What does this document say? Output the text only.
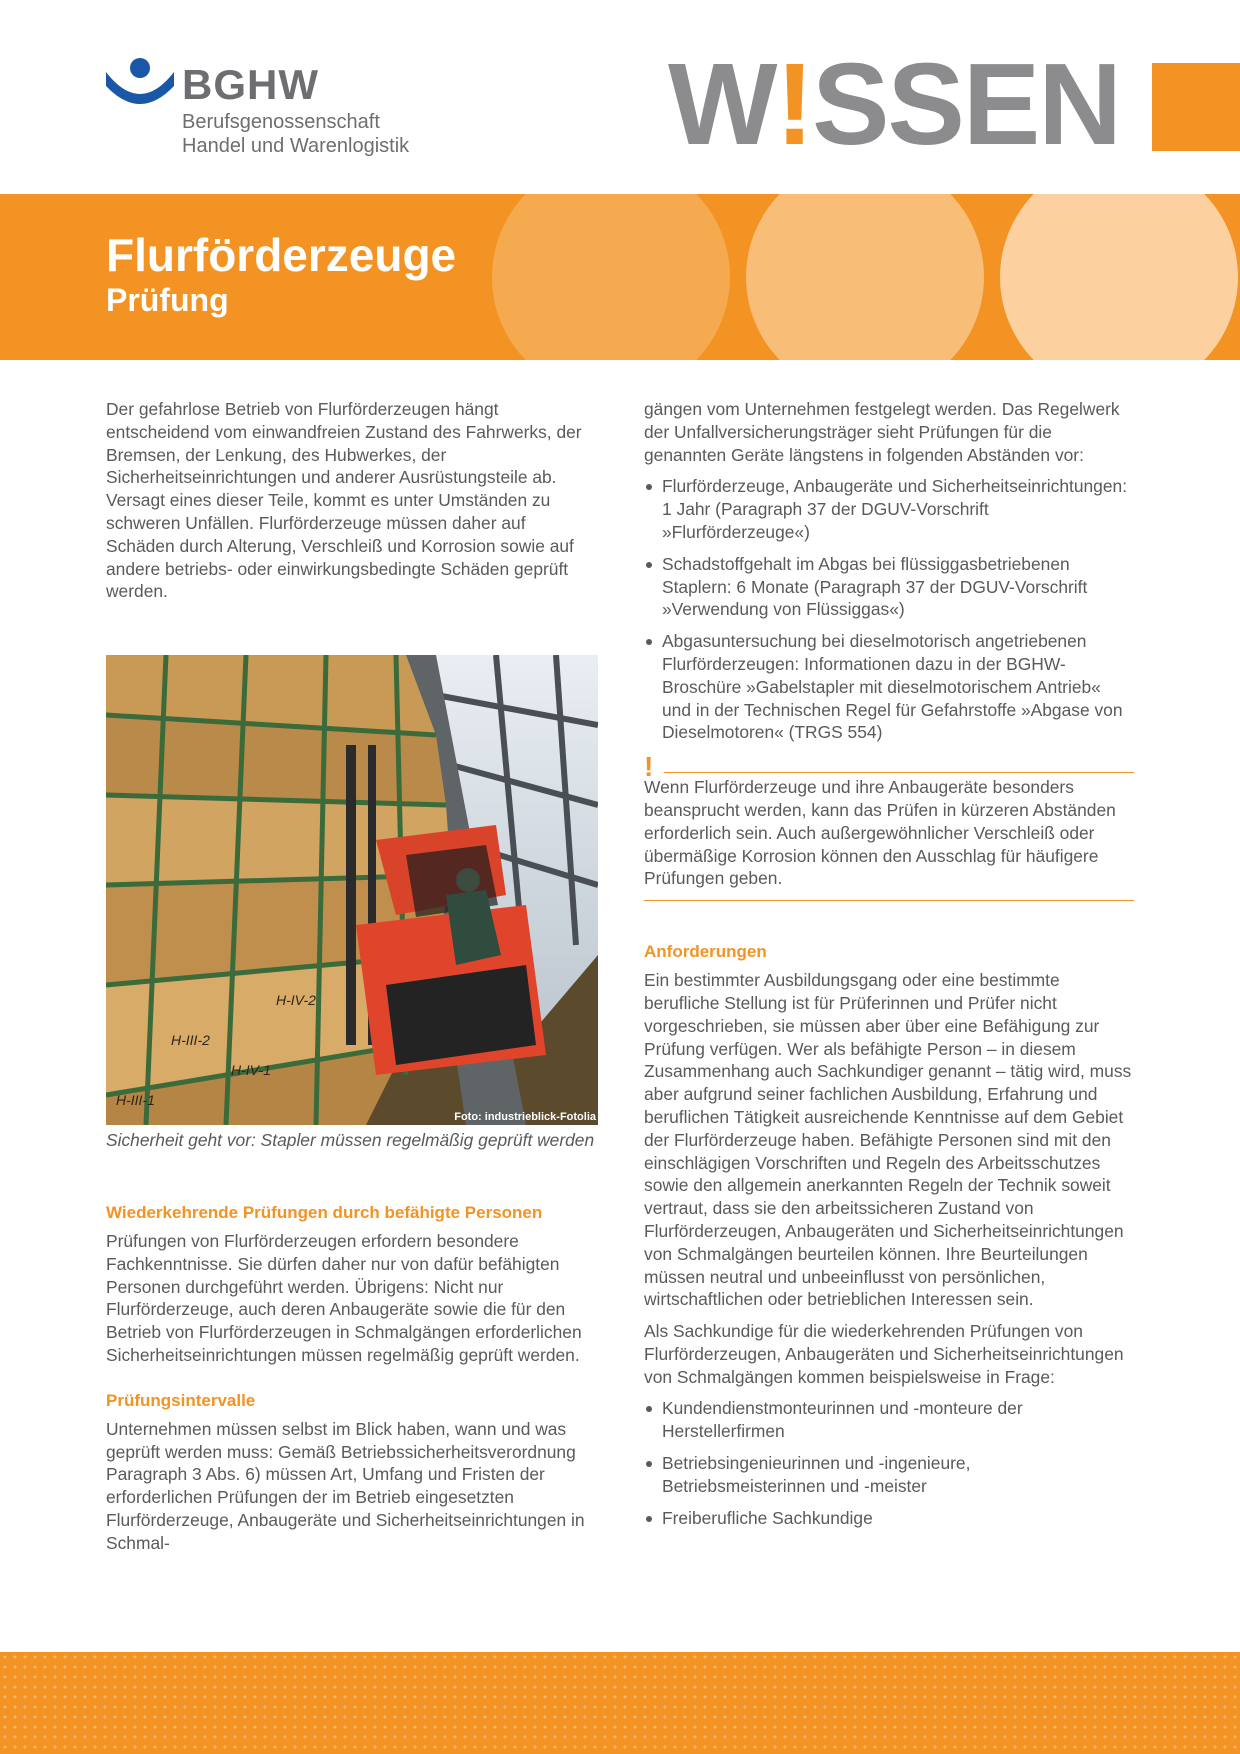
BGHW
Berufsgenossenschaft
Handel und Warenlogistik W!SSEN
Flurförderzeuge
Prüfung

Der gefahrlose Betrieb von Flurförderzeugen hängt entscheidend vom einwandfreien Zustand des Fahrwerks, der Bremsen, der Lenkung, des Hubwerkes, der Sicherheitseinrichtungen und anderer Ausrüstungsteile ab. Versagt eines dieser Teile, kommt es unter Umständen zu schweren Unfällen. Flurförderzeuge müssen daher auf Schäden durch Alterung, Verschleiß und Korrosion sowie auf andere betriebs- oder einwirkungsbedingte Schäden geprüft werden.

H-III-2
H-IV-2
H-III-1
H-IV-1
Foto: industrieblick-Fotolia
Sicherheit geht vor: Stapler müssen regelmäßig geprüft werden
Wiederkehrende Prüfungen durch befähigte Personen

Prüfungen von Flurförderzeugen erfordern besondere Fachkenntnisse. Sie dürfen daher nur von dafür befähigten Personen durchgeführt werden. Übrigens: Nicht nur Flurförderzeuge, auch deren Anbaugeräte sowie die für den Betrieb von Flurförderzeugen in Schmalgängen erforderlichen Sicherheitseinrichtungen müssen regelmäßig geprüft werden.

Prüfungsintervalle

Unternehmen müssen selbst im Blick haben, wann und was geprüft werden muss: Gemäß Betriebssicherheitsverordnung Paragraph 3 Abs. 6) müssen Art, Umfang und Fristen der erforderlichen Prüfungen der im Betrieb eingesetzten Flurförderzeuge, Anbaugeräte und Sicherheitseinrichtungen in Schmal-

gängen vom Unternehmen festgelegt werden. Das Regelwerk der Unfallversicherungsträger sieht Prüfungen für die genannten Geräte längstens in folgenden Abständen vor:

Flurförderzeuge, Anbaugeräte und Sicherheitseinrichtungen: 1 Jahr (Paragraph 37 der DGUV-Vorschrift »Flurförderzeuge«)
Schadstoffgehalt im Abgas bei flüssiggasbetriebenen Staplern: 6 Monate (Paragraph 37 der DGUV-Vorschrift »Verwendung von Flüssiggas«)
Abgasuntersuchung bei dieselmotorisch angetriebenen Flurförderzeugen: Informationen dazu in der BGHW-Broschüre »Gabelstapler mit dieselmotorischem Antrieb« und in der Technischen Regel für Gefahrstoffe »Abgase von Dieselmotoren« (TRGS 554)
!

Wenn Flurförderzeuge und ihre Anbaugeräte besonders beansprucht werden, kann das Prüfen in kürzeren Abständen erforderlich sein. Auch außergewöhnlicher Verschleiß oder übermäßige Korrosion können den Ausschlag für häufigere Prüfungen geben.

Anforderungen

Ein bestimmter Ausbildungsgang oder eine bestimmte berufliche Stellung ist für Prüferinnen und Prüfer nicht vorgeschrieben, sie müssen aber über eine Befähigung zur Prüfung verfügen. Wer als befähigte Person – in diesem Zusammenhang auch Sachkundiger genannt – tätig wird, muss aber aufgrund seiner fachlichen Ausbildung, Erfahrung und beruflichen Tätigkeit ausreichende Kenntnisse auf dem Gebiet der Flurförderzeuge haben. Befähigte Personen sind mit den einschlägigen Vorschriften und Regeln des Arbeitsschutzes sowie den allgemein anerkannten Regeln der Technik soweit vertraut, dass sie den arbeitssicheren Zustand von Flurförderzeugen, Anbaugeräten und Sicherheitseinrichtungen von Schmalgängen beurteilen können. Ihre Beurteilungen müssen neutral und unbeeinflusst von persönlichen, wirtschaftlichen oder betrieblichen Interessen sein.

Als Sachkundige für die wiederkehrenden Prüfungen von Flurförderzeugen, Anbaugeräten und Sicherheitseinrichtungen von Schmalgängen kommen beispielsweise in Frage:

Kundendienstmonteurinnen und -monteure der Herstellerfirmen
Betriebsingenieurinnen und -ingenieure, Betriebsmeisterinnen und -meister
Freiberufliche Sachkundige
